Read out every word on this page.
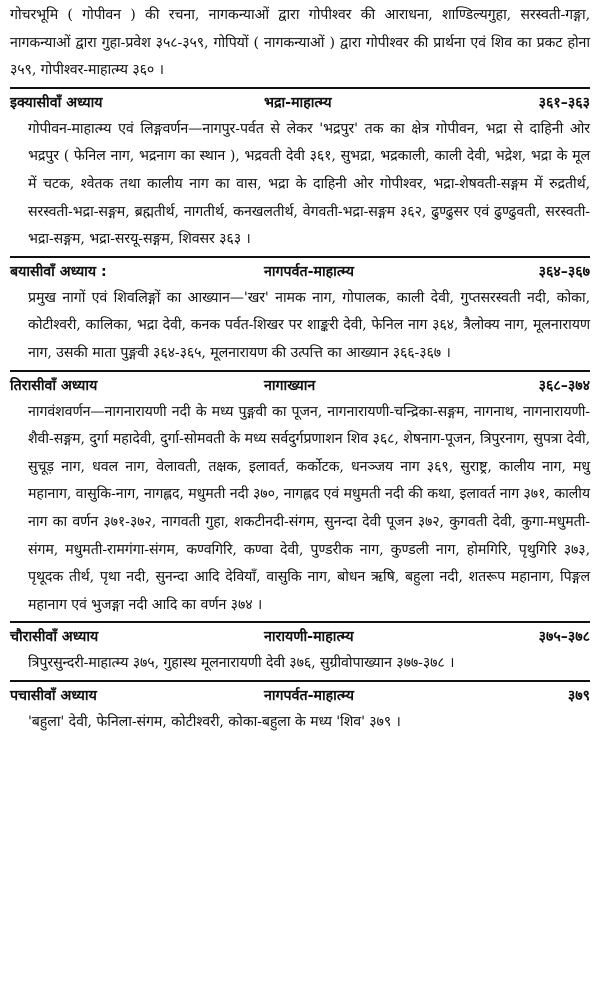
गोचरभूमि ( गोपीवन ) की रचना, नागकन्याओं द्वारा गोपीश्वर की आराधना, शाण्डिल्यगुहा, सरस्वती-गङ्गा, नागकन्याओं द्वारा गुहा-प्रवेश ३५८-३५९, गोपियों ( नागकन्याओं ) द्वारा गोपीश्वर की प्रार्थना एवं शिव का प्रकट होना ३५९, गोपीश्वर-माहात्म्य ३६० ।

इक्यासीवाँ अध्याय	भद्रा-माहात्म्य	३६१–३६३

गोपीवन-माहात्म्य एवं लिङ्गवर्णन—नागपुर-पर्वत से लेकर 'भद्रपुर' तक का क्षेत्र गोपीवन, भद्रा से दाहिनी ओर भद्रपुर ( फेनिल नाग, भद्रनाग का स्थान ), भद्रवती देवी ३६१, सुभद्रा, भद्रकाली, काली देवी, भद्रेश, भद्रा के मूल में चटक, श्वेतक तथा कालीय नाग का वास, भद्रा के दाहिनी ओर गोपीश्वर, भद्रा-शेषवती-सङ्गम में रुद्रतीर्थ, सरस्वती-भद्रा-सङ्गम, ब्रह्मतीर्थ, नागतीर्थ, कनखलतीर्थ, वेगवती-भद्रा-सङ्गम ३६२, ढुण्ढुसर एवं ढुण्ढुवती, सरस्वती-भद्रा-सङ्गम, भद्रा-सरयू-सङ्गम, शिवसर ३६३ ।

बयासीवाँ अध्याय :	नागपर्वत-माहात्म्य	३६४–३६७

प्रमुख नागों एवं शिवलिङ्गों का आख्यान—'खर' नामक नाग, गोपालक, काली देवी, गुप्तसरस्वती नदी, कोका, कोटीश्वरी, कालिका, भद्रा देवी, कनक पर्वत-शिखर पर शाङ्करी देवी, फेनिल नाग ३६४, त्रैलोक्य नाग, मूलनारायण नाग, उसकी माता पुङ्गवी ३६४-३६५, मूलनारायण की उत्पत्ति का आख्यान ३६६-३६७ ।

तिरासीवाँ अध्याय	नागाख्यान	३६८–३७४

नागवंशवर्णन—नागनारायणी नदी के मध्य पुङ्गवी का पूजन, नागनारायणी-चन्द्रिका-सङ्गम, नागनाथ, नागनारायणी-शैवी-सङ्गम, दुर्गा महादेवी, दुर्गा-सोमवती के मध्य सर्वदुर्गप्रणाशन शिव ३६८, शेषनाग-पूजन, त्रिपुरनाग, सुपत्रा देवी, सुचूड़ नाग, धवल नाग, वेलावती, तक्षक, इलावर्त, कर्कोटक, धनञ्जय नाग ३६९, सुराष्ट्र, कालीय नाग, मधु महानाग, वासुकि-नाग, नागह्लद, मधुमती नदी ३७०, नागह्लद एवं मधुमती नदी की कथा, इलावर्त नाग ३७१, कालीय नाग का वर्णन ३७१-३७२, नागवती गुहा, शकटीनदी-संगम, सुनन्दा देवी पूजन ३७२, कुगवती देवी, कुगा-मधुमती-संगम, मधुमती-रामगंगा-संगम, कण्वगिरि, कण्वा देवी, पुण्डरीक नाग, कुण्डली नाग, होमगिरि, पृथुगिरि ३७३, पृथूदक तीर्थ, पृथा नदी, सुनन्दा आदि देवियाँ, वासुकि नाग, बोधन ऋषि, बहुला नदी, शतरूप महानाग, पिङ्गल महानाग एवं भुजङ्गा नदी आदि का वर्णन ३७४ ।

चौरासीवाँ अध्याय	नारायणी-माहात्म्य	३७५–३७८

त्रिपुरसुन्दरी-माहात्म्य ३७५, गुहास्थ मूलनारायणी देवी ३७६, सुग्रीवोपाख्यान ३७७-३७८ ।

पचासीवाँ अध्याय	नागपर्वत-माहात्म्य	३७९

'बहुला' देवी, फेनिला-संगम, कोटीश्वरी, कोका-बहुला के मध्य 'शिव' ३७९ ।
